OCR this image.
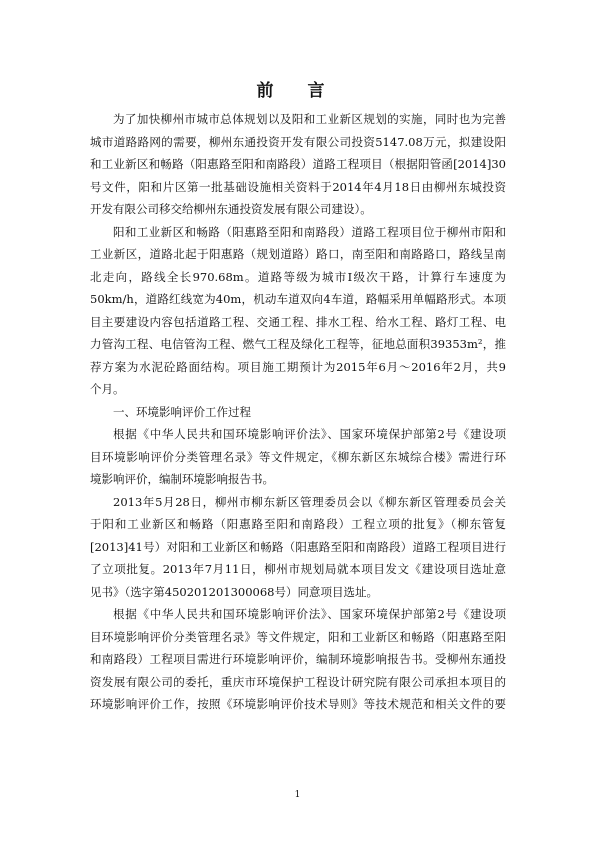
前 言
为了加快柳州市城市总体规划以及阳和工业新区规划的实施，同时也为完善
城市道路路网的需要，柳州东通投资开发有限公司投资5147.08万元，拟建设阳
和工业新区和畅路（阳惠路至阳和南路段）道路工程项目（根据阳管函[2014]30
号文件，阳和片区第一批基础设施相关资料于2014年4月18日由柳州东城投资
开发有限公司移交给柳州东通投资发展有限公司建设）。
阳和工业新区和畅路（阳惠路至阳和南路段）道路工程项目位于柳州市阳和
工业新区，道路北起于阳惠路（规划道路）路口，南至阳和南路路口，路线呈南
北走向，路线全长970.68m。道路等级为城市Ⅰ级次干路，计算行车速度为
50km/h，道路红线宽为40m，机动车道双向4车道，路幅采用单幅路形式。本项
目主要建设内容包括道路工程、交通工程、排水工程、给水工程、路灯工程、电
力管沟工程、电信管沟工程、燃气工程及绿化工程等，征地总面积39353m²，推
荐方案为水泥砼路面结构。项目施工期预计为2015年6月～2016年2月，共9
个月。
一、环境影响评价工作过程
根据《中华人民共和国环境影响评价法》、国家环境保护部第2号《建设项
目环境影响评价分类管理名录》等文件规定，《柳东新区东城综合楼》需进行环
境影响评价，编制环境影响报告书。
2013年5月28日，柳州市柳东新区管理委员会以《柳东新区管理委员会关
于阳和工业新区和畅路（阳惠路至阳和南路段）工程立项的批复》（柳东管复
[2013]41号）对阳和工业新区和畅路（阳惠路至阳和南路段）道路工程项目进行
了立项批复。2013年7月11日，柳州市规划局就本项目发文《建设项目选址意
见书》（选字第450201201300068号）同意项目选址。
根据《中华人民共和国环境影响评价法》、国家环境保护部第2号《建设项
目环境影响评价分类管理名录》等文件规定，阳和工业新区和畅路（阳惠路至阳
和南路段）工程项目需进行环境影响评价，编制环境影响报告书。受柳州东通投
资发展有限公司的委托，重庆市环境保护工程设计研究院有限公司承担本项目的
环境影响评价工作，按照《环境影响评价技术导则》等技术规范和相关文件的要
1
